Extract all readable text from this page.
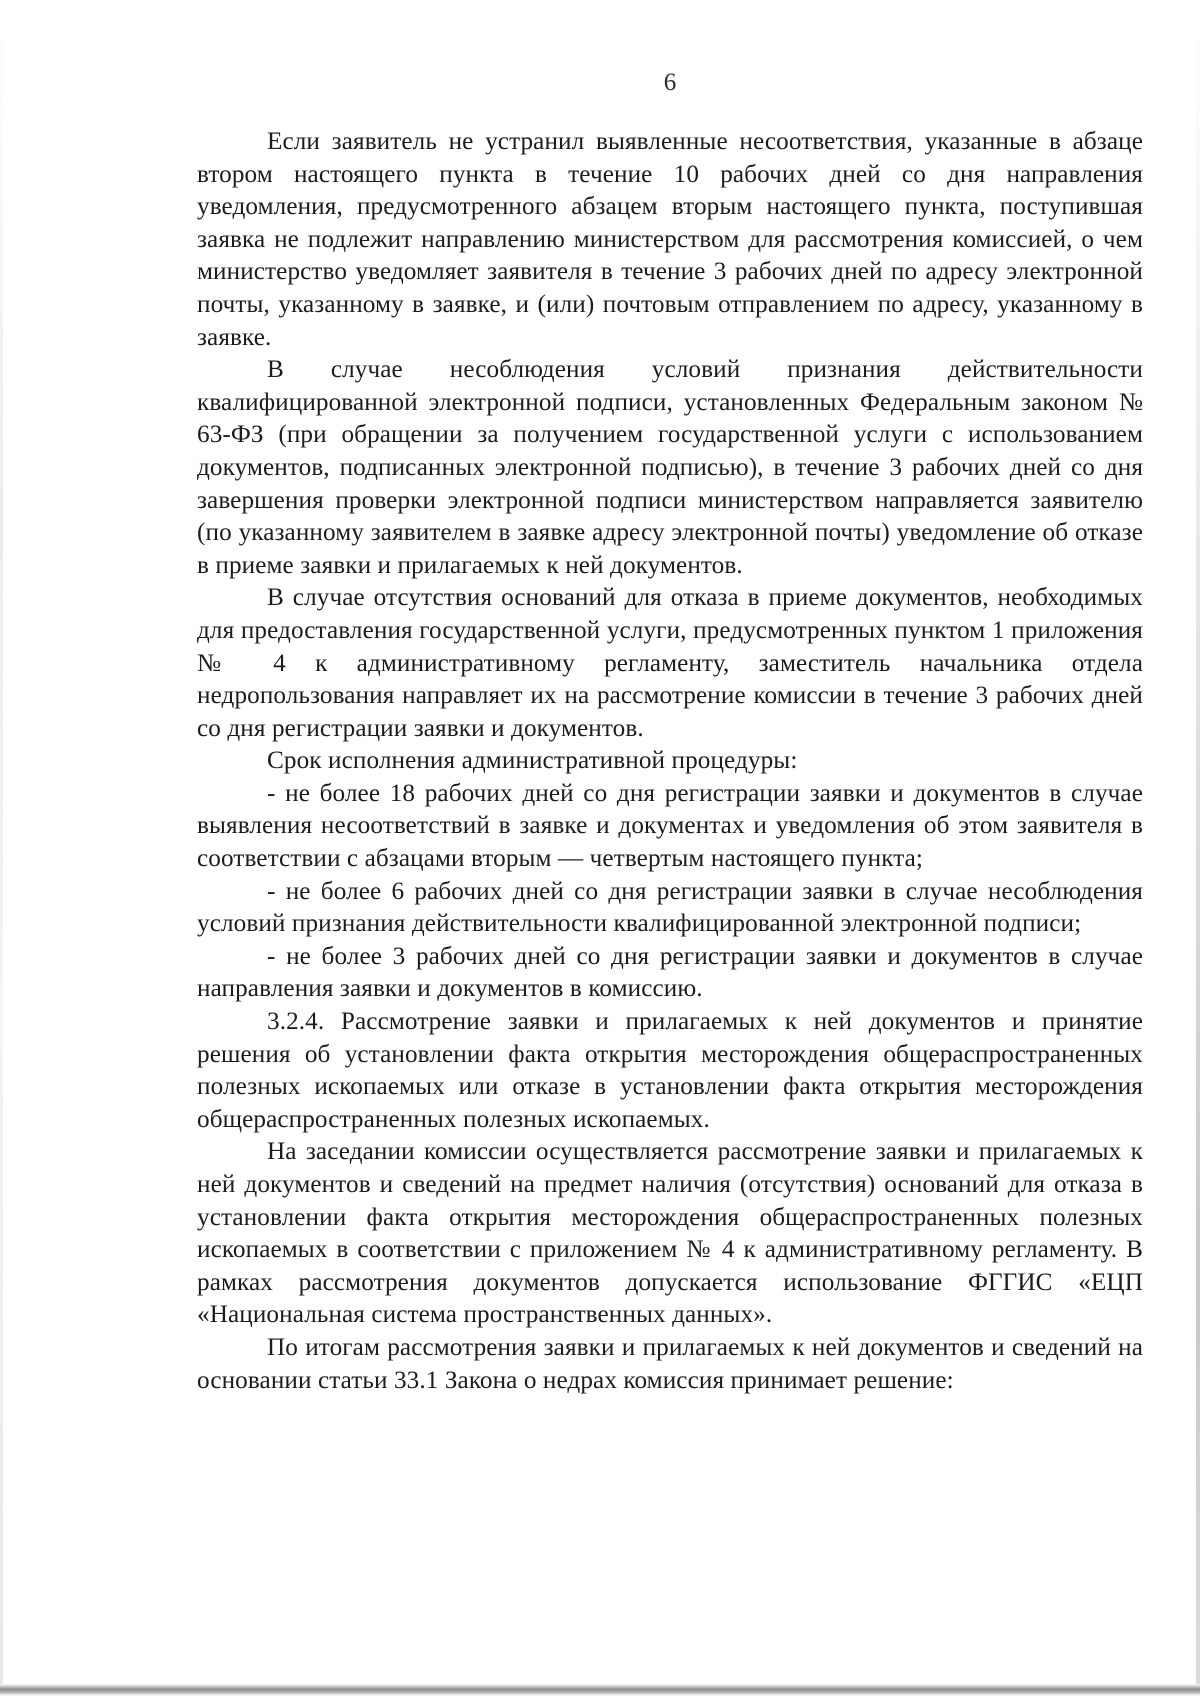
6

Если заявитель не устранил выявленные несоответствия, указанные в абзаце втором настоящего пункта в течение 10 рабочих дней со дня направления уведомления, предусмотренного абзацем вторым настоящего пункта, поступившая заявка не подлежит направлению министерством для рассмотрения комиссией, о чем министерство уведомляет заявителя в течение 3 рабочих дней по адресу электронной почты, указанному в заявке, и (или) почтовым отправлением по адресу, указанному в заявке.

В случае несоблюдения условий признания действительности квалифицированной электронной подписи, установленных Федеральным законом № 63-ФЗ (при обращении за получением государственной услуги с использованием документов, подписанных электронной подписью), в течение 3 рабочих дней со дня завершения проверки электронной подписи министерством направляется заявителю (по указанному заявителем в заявке адресу электронной почты) уведомление об отказе в приеме заявки и прилагаемых к ней документов.

В случае отсутствия оснований для отказа в приеме документов, необходимых для предоставления государственной услуги, предусмотренных пунктом 1 приложения № 4 к административному регламенту, заместитель начальника отдела недропользования направляет их на рассмотрение комиссии в течение 3 рабочих дней со дня регистрации заявки и документов.

Срок исполнения административной процедуры:

- не более 18 рабочих дней со дня регистрации заявки и документов в случае выявления несоответствий в заявке и документах и уведомления об этом заявителя в соответствии с абзацами вторым — четвертым настоящего пункта;

- не более 6 рабочих дней со дня регистрации заявки в случае несоблюдения условий признания действительности квалифицированной электронной подписи;

- не более 3 рабочих дней со дня регистрации заявки и документов в случае направления заявки и документов в комиссию.

3.2.4. Рассмотрение заявки и прилагаемых к ней документов и принятие решения об установлении факта открытия месторождения общераспространенных полезных ископаемых или отказе в установлении факта открытия месторождения общераспространенных полезных ископаемых.

На заседании комиссии осуществляется рассмотрение заявки и прилагаемых к ней документов и сведений на предмет наличия (отсутствия) оснований для отказа в установлении факта открытия месторождения общераспространенных полезных ископаемых в соответствии с приложением № 4 к административному регламенту. В рамках рассмотрения документов допускается использование ФГГИС «ЕЦП «Национальная система пространственных данных».

По итогам рассмотрения заявки и прилагаемых к ней документов и сведений на основании статьи 33.1 Закона о недрах комиссия принимает решение:
